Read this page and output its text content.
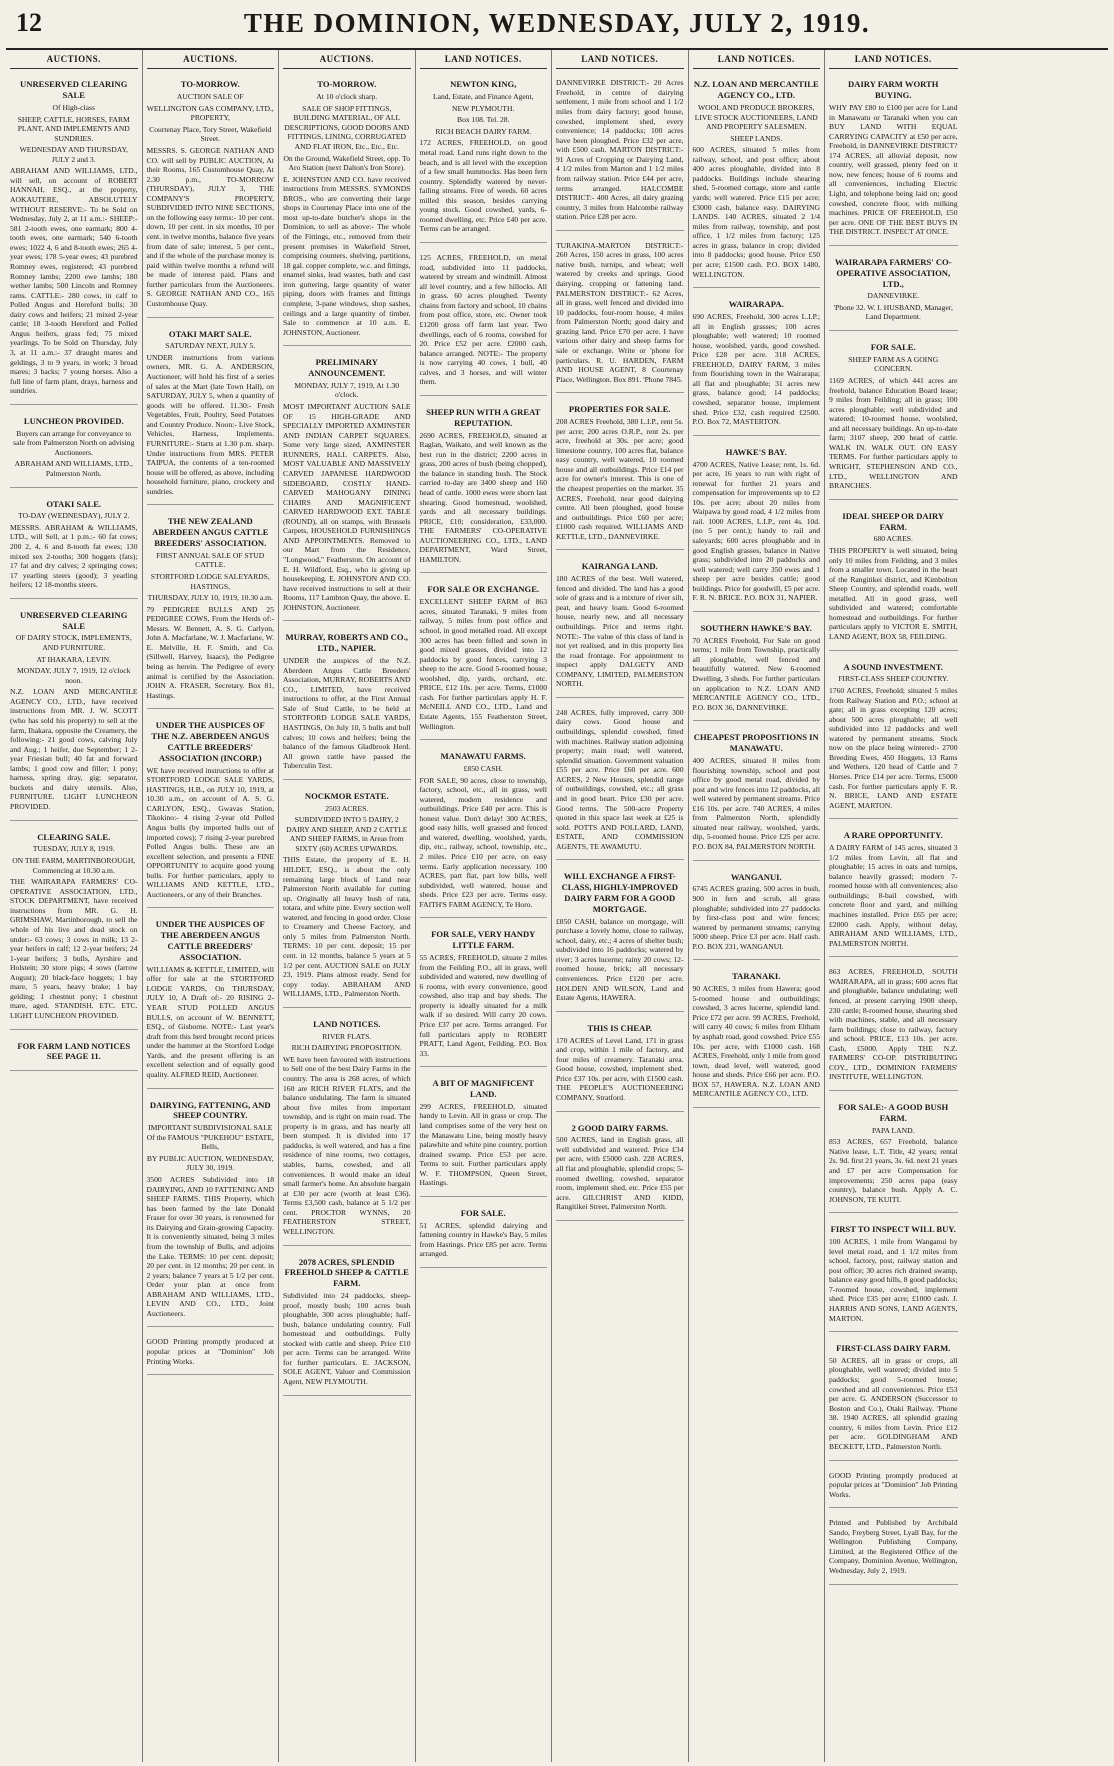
12	THE DOMINION, WEDNESDAY, JULY 2, 1919.
AUCTIONS.
UNRESERVED CLEARING SALE
Of High-class
SHEEP, CATTLE, HORSES, FARM PLANT, AND IMPLEMENTS AND SUNDRIES.
WEDNESDAY AND THURSDAY, JULY 2 and 3.

ABRAHAM AND WILLIAMS, LTD., will sell, on account of ROBERT HANNAH, ESQ., at the property, AOKAUTERE, ABSOLUTELY WITHOUT RESERVE:- To be Sold on Wednesday, July 2, at 11 a.m.:- SHEEP:- 581 2-tooth ewes, one earmark; 800 4-tooth ewes, one earmark; 540 6-tooth ewes; 1022 4, 6 and 8-tooth ewes; 265 4-year ewes; 178 5-year ewes; 43 purebred Romney ewes, registered; 43 purebred Romney lambs; 2200 ewe lambs; 180 wether lambs; 500 Lincoln and Romney rams. CATTLE:- 280 cows, in calf to Polled Angus and Hereford bulls; 30 dairy cows and heifers; 21 mixed 2-year cattle; 18 3-tooth Hereford and Polled Angus heifers, grass fed; 75 mixed yearlings. To be Sold on Thursday, July 3, at 11 a.m.:- 37 draught mares and geldings, 3 to 9 years, in work; 3 broad mares; 3 backs; 7 young horses. Also a full line of farm plant, drays, harness and sundries.

LUNCHEON PROVIDED.
Buyers can arrange for conveyance to sale from Palmerston North on advising Auctioneers.
ABRAHAM AND WILLIAMS, LTD., Palmerston North.
OTAKI SALE.
TO-DAY (WEDNESDAY), JULY 2.

MESSRS. ABRAHAM & WILLIAMS, LTD., will Sell, at 1 p.m.:- 60 fat cows; 200 2, 4, 6 and 8-tooth fat ewes; 130 mixed sex 2-tooths; 300 hoggets (fats); 17 fat and dry calves; 2 springing cows; 17 yearling steers (good); 3 yearling heifers; 12 18-months steers.

UNRESERVED CLEARING SALE
OF DAIRY STOCK, IMPLEMENTS, AND FURNITURE.
AT IHAKARA, LEVIN.
MONDAY, JULY 7, 1919, 12 o'clock noon.

N.Z. LOAN AND MERCANTILE AGENCY CO., LTD., have received instructions from MR. J. W. SCOTT (who has sold his property) to sell at the farm, Ihakara, opposite the Creamery, the following:- 21 good cows, calving July and Aug.; 1 heifer, due September; 1 2-year Friesian bull; 40 fat and forward lambs; 1 good cow and filler; 1 pony; harness, spring dray, gig; separator, buckets and dairy utensils. Also, FURNITURE. LIGHT LUNCHEON PROVIDED.

CLEARING SALE.
TUESDAY, JULY 8, 1919.
ON THE FARM, MARTINBOROUGH, Commencing at 10.30 a.m.

THE WAIRARAPA FARMERS' CO-OPERATIVE ASSOCIATION, LTD., STOCK DEPARTMENT, have received instructions from MR. G. H. GRIMSHAW, Martinborough, to sell the whole of his live and dead stock on under:- 63 cows; 3 cows in milk; 13 2-year heifers in calf; 12 2-year heifers; 24 1-year heifers; 3 bulls, Ayrshire and Holstein; 30 store pigs; 4 sows (farrow August); 20 black-face hoggets; 1 bay mare, 5 years, heavy brake; 1 bay gelding; 1 chestnut pony; 1 chestnut mare, aged. STANDISH. ETC. ETC. LIGHT LUNCHEON PROVIDED.

FOR FARM LAND NOTICES SEE PAGE 11.
AUCTIONS.
TO-MORROW.
AUCTION SALE OF
WELLINGTON GAS COMPANY, LTD., PROPERTY,
Courtenay Place, Tory Street, Wakefield Street.

MESSRS. S. GEORGE NATHAN AND CO. will sell by PUBLIC AUCTION, At their Rooms, 165 Customhouse Quay, At 2.30 p.m., TO-MORROW (THURSDAY), JULY 3, THE COMPANY'S PROPERTY, SUBDIVIDED INTO NINE SECTIONS, on the following easy terms:- 10 per cent. down, 10 per cent. in six months, 10 per cent. in twelve months, balance five years from date of sale; interest, 5 per cent., and if the whole of the purchase money is paid within twelve months a refund will be made of interest paid. Plans and further particulars from the Auctioneers. S. GEORGE NATHAN AND CO., 165 Customhouse Quay.

OTAKI MART SALE.
SATURDAY NEXT, JULY 5.

UNDER instructions from various owners, MR. G. A. ANDERSON, Auctioneer, will hold his first of a series of sales at the Mart (late Town Hall), on SATURDAY, JULY 5, when a quantity of goods will be offered. 11.30:- Fresh Vegetables, Fruit, Poultry, Seed Potatoes and Country Produce. Noon:- Live Stock, Vehicles, Harness, Implements. FURNITURE:- Starts at 1.30 p.m. sharp. Under instructions from MRS. PETER TAIPUA, the contents of a ten-roomed house will be offered, as above, including household furniture, piano, crockery and sundries.

THE NEW ZEALAND ABERDEEN ANGUS CATTLE BREEDERS' ASSOCIATION.
FIRST ANNUAL SALE OF STUD CATTLE.
STORTFORD LODGE SALEYARDS, HASTINGS,
THURSDAY, JULY 10, 1919, 10.30 a.m.

79 PEDIGREE BULLS AND 25 PEDIGREE COWS, From the Herds of:- Messrs. W. Bennett, A. S. G. Carlyon, John A. Macfarlane, W. J. Macfarlane, W. E. Melville, H. F. Smith, and Co. (Sillwell, Harvey, Isaacs), the Pedigree being as herein. The Pedigree of every animal is certified by the Association. JOHN A. FRASER, Secretary. Box 81, Hastings.

UNDER THE AUSPICES OF THE N.Z. ABERDEEN ANGUS CATTLE BREEDERS' ASSOCIATION (INCORP.)

WE have received instructions to offer at STORTFORD LODGE SALE YARDS, HASTINGS, H.B., on JULY 10, 1919, at 10.30 a.m., on account of A. S. G. CARLYON, ESQ., Gwavas Station, Tikokino:- 4 rising 2-year old Polled Angus bulls (by imported bulls out of imported cows); 7 rising 2-year purebred Polled Angus bulls. These are an excellent selection, and presents a FINE OPPORTUNITY to acquire good young bulls. For further particulars, apply to WILLIAMS AND KETTLE, LTD., Auctioneers, or any of their Branches.

UNDER THE AUSPICES OF THE ABERDEEN ANGUS CATTLE BREEDERS' ASSOCIATION.

WILLIAMS & KETTLE, LIMITED, will offer for sale at the STORTFORD LODGE YARDS, On THURSDAY, JULY 10, A Draft of:- 20 RISING 2-YEAR STUD POLLED ANGUS BULLS, on account of W. BENNETT, ESQ., of Gisborne. NOTE:- Last year's draft from this herd brought record prices under the hammer at the Stortford Lodge Yards, and the present offering is an excellent selection and of equally good quality. ALFRED REID, Auctioneer.

DAIRYING, FATTENING, AND SHEEP COUNTRY.
IMPORTANT SUBDIVISIONAL SALE Of the FAMOUS "PUKEHOU" ESTATE, Bells,
BY PUBLIC AUCTION, WEDNESDAY, JULY 30, 1919.

3500 ACRES Subdivided into 18 DAIRYING, AND 10 FATTENING AND SHEEP FARMS. THIS Property, which has been farmed by the late Donald Fraser for over 30 years, is renowned for its Dairying and Grain-growing Capacity. It is conveniently situated, being 3 miles from the township of Bulls, and adjoins the Lake. TERMS: 10 per cent. deposit; 20 per cent. in 12 months; 20 per cent. in 2 years; balance 7 years at 5 1/2 per cent. Order your plan at once from ABRAHAM AND WILLIAMS, LTD., LEVIN AND CO., LTD., Joint Auctioneers.

GOOD Printing promptly produced at popular prices at "Dominion" Job Printing Works.

AUCTIONS.
TO-MORROW.
At 10 o'clock sharp.
SALE OF SHOP FITTINGS, BUILDING MATERIAL, OF ALL DESCRIPTIONS, GOOD DOORS AND FITTINGS, LINING, CORRUGATED AND FLAT IRON, Etc., Etc., Etc.
On the Ground, Wakefield Street, opp. To Aro Station (next Dalton's Iron Store).

E. JOHNSTON AND CO. have received instructions from MESSRS. SYMONDS BROS., who are converting their large shops in Courtenay Place into one of the most up-to-date butcher's shops in the Dominion, to sell as above:- The whole of the Fittings, etc., removed from their present premises in Wakefield Street, comprising counters, shelving, partitions, 18 gal. copper complete, w.c. and fittings, enamel sinks, lead wastes, bath and cast iron guttering, large quantity of water piping, doors with frames and fittings complete, 3-pane windows, shop sashes, ceilings and a large quantity of timber. Sale to commence at 10 a.m. E. JOHNSTON, Auctioneer.

PRELIMINARY ANNOUNCEMENT.
MONDAY, JULY 7, 1919, At 1.30 o'clock.

MOST IMPORTANT AUCTION SALE OF 15 HIGH-GRADE AND SPECIALLY IMPORTED AXMINSTER AND INDIAN CARPET SQUARES. Some very large sized, AXMINSTER RUNNERS, HALL CARPETS. Also, MOST VALUABLE AND MASSIVELY CARVED JAPANESE HARDWOOD SIDEBOARD, COSTLY HAND-CARVED MAHOGANY DINING CHAIRS AND MAGNIFICENT CARVED HARDWOOD EXT. TABLE (ROUND), all on stamps, with Brussels Carpets, HOUSEHOLD FURNISHINGS AND APPOINTMENTS. Removed to our Mart from the Residence, "Longwood," Featherston. On account of E. H. Wildford, Esq., who is giving up housekeeping. E. JOHNSTON AND CO. have received instructions to sell at their Rooms, 117 Lambton Quay, the above. E. JOHNSTON, Auctioneer.

MURRAY, ROBERTS AND CO., LTD., NAPIER.

UNDER the auspices of the N.Z. Aberdeen Angus Cattle Breeders' Association, MURRAY, ROBERTS AND CO., LIMITED, have received instructions to offer, at the First Annual Sale of Stud Cattle, to be held at STORTFORD LODGE SALE YARDS, HASTINGS, On July 10, 5 bulls and bull calves; 10 cows and heifers; being the balance of the famous Gladbrook Herd. All grown cattle have passed the Tuberculin Test.

NOCKMOR ESTATE.
2503 ACRES.
SUBDIVIDED INTO 5 DAIRY, 2 DAIRY AND SHEEP, AND 2 CATTLE AND SHEEP FARMS, in Areas from SIXTY (60) ACRES UPWARDS.

THIS Estate, the property of E. H. HILDET, ESQ., is about the only remaining large block of Land near Palmerston North available for cutting up. Originally all heavy bush of rata, totara, and white pine. Every section well watered, and fencing in good order. Close to Creamery and Cheese Factory, and only 5 miles from Palmerston North. TERMS: 10 per cent. deposit; 15 per cent. in 12 months, balance 5 years at 5 1/2 per cent. AUCTION SALE on JULY 23, 1919. Plans almost ready. Send for copy today. ABRAHAM AND WILLIAMS, LTD., Palmerston North.

LAND NOTICES.
RIVER FLATS.
RICH DAIRYING PROPOSITION.

WE have been favoured with instructions to Sell one of the best Dairy Farms in the country. The area is 268 acres, of which 160 are RICH RIVER FLATS, and the balance undulating. The farm is situated about five miles from important township, and is right on main road. The property is in grass, and has nearly all been stumped. It is divided into 17 paddocks, is well watered, and has a fine residence of nine rooms, two cottages, stables, barns, cowshed, and all conveniences. It would make an ideal small farmer's home. An absolute bargain at £30 per acre (worth at least £36). Terms £3,500 cash, balance at 5 1/2 per cent. PROCTOR WYNNS, 20 FEATHERSTON STREET, WELLINGTON.

2078 ACRES, SPLENDID FREEHOLD SHEEP & CATTLE FARM.

Subdivided into 24 paddocks, sheep-proof, mostly bush; 100 acres bush ploughable, 300 acres ploughable; half-bush, balance undulating country. Full homestead and outbuildings. Fully stocked with cattle and sheep. Price £10 per acre. Terms can be arranged. Write for further particulars. E. JACKSON, SOLE AGENT, Valuer and Commission Agent, NEW PLYMOUTH.

LAND NOTICES.
NEWTON KING,
Land, Estate, and Finance Agent,
NEW PLYMOUTH.
Box 108. Tel. 28.
RICH BEACH DAIRY FARM.

172 ACRES, FREEHOLD, on good metal road. Land runs right down to the beach, and is all level with the exception of a few small hummocks. Has been fern country. Splendidly watered by never-failing streams. Free of weeds. 60 acres milled this season, besides carrying young stock. Good cowshed, yards, 6-roomed dwelling, etc. Price £40 per acre. Terms can be arranged.

125 ACRES, FREEHOLD, on metal road, subdivided into 11 paddocks, watered by stream and windmill. Almost all level country, and a few hillocks. All in grass. 60 acres ploughed. Twenty chains from factory and school, 10 chains from post office, store, etc. Owner took £1200 gross off farm last year. Two dwellings, each of 6 rooms, cowshed for 20. Price £52 per acre. £2000 cash, balance arranged. NOTE:- The property is now carrying 40 cows, 1 bull, 40 calves, and 3 horses, and will winter them.

SHEEP RUN WITH A GREAT REPUTATION.

2690 ACRES, FREEHOLD, situated at Raglan, Waikato, and well known as the best run in the district; 2200 acres in grass, 200 acres of bush (being chopped), the balance in standing bush. The Stock carried to-day are 3400 sheep and 160 head of cattle. 1000 ewes were shorn last shearing. Good homestead, woolshed, yards and all necessary buildings. PRICE, £10; consideration, £33,000. THE FARMERS' CO-OPERATIVE AUCTIONEERING CO., LTD., LAND DEPARTMENT, Ward Street, HAMILTON.

FOR SALE OR EXCHANGE.

EXCELLENT SHEEP FARM of 863 acres, situated Taranaki, 9 miles from railway, 5 miles from post office and school, in good metalled road. All except 300 acres has been felled and sown in good mixed grasses, divided into 12 paddocks by good fences, carrying 3 sheep to the acre. Good 5-roomed house, woolshed, dip, yards, orchard, etc. PRICE, £12 10s. per acre. Terms, £1000 cash. For further particulars apply H. F. McNEILL AND CO., LTD., Land and Estate Agents, 155 Featherston Street, Wellington.

MANAWATU FARMS.
£850 CASH.

FOR SALE, 90 acres, close to township, factory, school, etc., all in grass, well watered, modern residence and outbuildings. Price £40 per acre. This is honest value. Don't delay! 300 ACRES, good easy hills, well grassed and fenced and watered, dwelling, woolshed, yards, dip, etc., railway, school, township, etc., 2 miles. Price £10 per acre, on easy terms. Early application necessary. 100 ACRES, part flat, part low hills, well subdivided, well watered, house and sheds. Price £23 per acre. Terms easy. FAITH'S FARM AGENCY, Te Horo.

FOR SALE, VERY HANDY LITTLE FARM.

55 ACRES, FREEHOLD, situate 2 miles from the Feilding P.O., all in grass, well subdivided and watered, new dwelling of 6 rooms, with every convenience, good cowshed, also trap and bay sheds. The property is ideally situated for a milk walk if so desired. Will carry 20 cows. Price £37 per acre. Terms arranged. For full particulars apply to ROBERT PRATT, Land Agent, Feilding. P.O. Box 33.

A BIT OF MAGNIFICENT LAND.

299 ACRES, FREEHOLD, situated handy to Levin. All in grass or crop. The land comprises some of the very best on the Manawatu Line, being mostly heavy palawhite and white pine country, portion drained swamp. Price £53 per acre. Terms to suit. Further particulars apply W. F. THOMPSON, Queen Street, Hastings.

FOR SALE.

51 ACRES, splendid dairying and fattening country in Hawke's Bay, 5 miles from Hastings. Price £85 per acre. Terms arranged.

LAND NOTICES.

DANNEVIRKE DISTRICT:- 20 Acres Freehold, in centre of dairying settlement, 1 mile from school and 1 1/2 miles from dairy factory; good house, cowshed, implement shed, every convenience; 14 paddocks; 100 acres have been ploughed. Price £32 per acre, with £500 cash. MARTON DISTRICT:- 91 Acres of Cropping or Dairying Land, 4 1/2 miles from Marton and 1 1/2 miles from railway station. Price £44 per acre, terms arranged. HALCOMBE DISTRICT:- 400 Acres, all dairy grazing country, 3 miles from Halcombe railway station. Price £28 per acre.

TURAKINA-MARTON DISTRICT:- 260 Acres, 150 acres in grass, 100 acres native bush, turnips, and wheat; well watered by creeks and springs. Good dairying, cropping or fattening land. PALMERSTON DISTRICT:- 62 Acres, all in grass, well fenced and divided into 10 paddocks, four-room house, 4 miles from Palmerston North; good dairy and grazing land. Price £70 per acre. I have various other dairy and sheep farms for sale or exchange. Write or 'phone for particulars. R. U. HARDEN, FARM AND HOUSE AGENT, 8 Courtenay Place, Wellington. Box 891. 'Phone 7845.

PROPERTIES FOR SALE.

208 ACRES Freehold, 380 L.I.P., rent 5s. per acre; 200 acres O.R.P., rent 2s. per acre, freehold at 30s. per acre; good limestone country, 100 acres flat, balance easy country, well watered, 10 roomed house and all outbuildings. Price £14 per acre for owner's interest. This is one of the cheapest properties on the market. 35 ACRES, Freehold, near good dairying centre. All been ploughed, good house and outbuildings. Price £60 per acre; £1000 cash required. WILLIAMS AND KETTLE, LTD., DANNEVIRKE.

KAIRANGA LAND.

180 ACRES of the best. Well watered, fenced and divided. The land has a good sole of grass and is a mixture of river silt, peat, and heavy loam. Good 6-roomed house, nearly new, and all necessary outbuildings. Price and terms right. NOTE:- The value of this class of land is not yet realised, and in this property lies the road frontage. For appointment to inspect apply DALGETY AND COMPANY, LIMITED, PALMERSTON NORTH.

248 ACRES, fully improved, carry 300 dairy cows. Good house and outbuildings, splendid cowshed, fitted with machines. Railway station adjoining property; main road; well watered, splendid situation. Government valuation £55 per acre. Price £60 per acre. 600 ACRES, 2 New Houses, splendid range of outbuildings, cowshed, etc.; all grass and in good heart. Price £30 per acre. Good terms. The 500-acre Property quoted in this space last week at £25 is sold. POTTS AND POLLARD, LAND, ESTATE, AND COMMISSION AGENTS, TE AWAMUTU.

WILL EXCHANGE A FIRST-CLASS, HIGHLY-IMPROVED DAIRY FARM FOR A GOOD MORTGAGE.

£850 CASH, balance on mortgage, will purchase a lovely home, close to railway, school, dairy, etc.; 4 acres of shelter bush; subdivided into 16 paddocks; watered by river; 3 acres lucerne; rainy 20 cows; 12-roomed house, brick; all necessary conveniences. Price £120 per acre. HOLDEN AND WILSON, Land and Estate Agents, HAWERA.

THIS IS CHEAP.

170 ACRES of Level Land, 171 in grass and crop, within 1 mile of factory, and four miles of creamery. Taranaki area. Good house, cowshed, implement shed. Price £37 10s. per acre, with £1500 cash. THE PEOPLE'S AUCTIONEERING COMPANY, Stratford.

2 GOOD DAIRY FARMS.

500 ACRES, land in English grass, all well subdivided and watered. Price £34 per acre, with £5000 cash. 228 ACRES, all flat and ploughable, splendid crops; 5-roomed dwelling, cowshed, separator room, implement shed, etc. Price £55 per acre. GILCHRIST AND KIDD, Rangitikei Street, Palmerston North.

LAND NOTICES.
N.Z. LOAN AND MERCANTILE AGENCY CO., LTD.
WOOL AND PRODUCE BROKERS, LIVE STOCK AUCTIONEERS, LAND AND PROPERTY SALESMEN.
SHEEP LANDS.

600 ACRES, situated 5 miles from railway, school, and post office; about 400 acres ploughable, divided into 8 paddocks. Buildings include shearing shed, 5-roomed cottage, store and cattle yards; well watered. Price £15 per acre; £3000 cash, balance easy. DAIRYING LANDS. 140 ACRES, situated 2 1/4 miles from railway, township, and post office, 1 1/2 miles from factory; 125 acres in grass, balance in crop; divided into 8 paddocks; good house. Price £50 per acre; £1500 cash. P.O. BOX 1480, WELLINGTON.

WAIRARAPA.

690 ACRES, Freehold, 300 acres L.I.P.; all in English grasses; 100 acres ploughable; well watered; 10 roomed house, woolshed, yards, good cowshed. Price £28 per acre. 318 ACRES, FREEHOLD, DAIRY FARM, 3 miles from flourishing town in the Wairarapa; all flat and ploughable; 31 acres new grass, balance good; 14 paddocks; cowshed, separator house, implement shed. Price £32, cash required £2500. P.O. Box 72, MASTERTON.

HAWKE'S BAY.

4700 ACRES, Native Lease; rent, 1s. 6d. per acre, 16 years to run with right of renewal for further 21 years and compensation for improvements up to £2 10s. per acre; about 20 miles from Waipawa by good road, 4 1/2 miles from rail. 1000 ACRES, L.I.P., rent 4s. 10d. (no 5 per cent.); handy to rail and saleyards; 600 acres ploughable and in good English grasses, balance in Native grass; subdivided into 20 paddocks and well watered; well carry 350 ewes and 1 sheep per acre besides cattle; good buildings. Price for goodwill, £5 per acre. F. R. N. BRICE. P.O. BOX 31, NAPIER.

SOUTHERN HAWKE'S BAY.

70 ACRES Freehold, For Sale on good terms; 1 mile from Township, practically all ploughable, well fenced and beautifully watered. New 6-roomed Dwelling, 3 sheds. For further particulars on application to N.Z. LOAN AND MERCANTILE AGENCY CO., LTD., P.O. BOX 36, DANNEVIRKE.

CHEAPEST PROPOSITIONS IN MANAWATU.

400 ACRES, situated 8 miles from flourishing township, school and post office by good metal road, divided by post and wire fences into 12 paddocks, all well watered by permanent streams. Price £16 10s. per acre. 740 ACRES, 4 miles from Palmerston North, splendidly situated near railway, woolshed, yards, dip, 5-roomed house. Price £25 per acre. P.O. BOX 84, PALMERSTON NORTH.

WANGANUI.

6745 ACRES grazing, 500 acres in bush, 900 in fern and scrub, all grass ploughable; subdivided into 27 paddocks by first-class post and wire fences; watered by permanent streams; carrying 5000 sheep. Price £3 per acre. Half cash. P.O. BOX 231, WANGANUI.

TARANAKI.

90 ACRES, 3 miles from Hawera; good 5-roomed house and outbuildings; cowshed, 3 acres lucerne, splendid land. Price £72 per acre. 99 ACRES, Freehold, will carry 40 cows; 6 miles from Eltham by asphalt road, good cowshed. Price £55 10s. per acre, with £1000 cash. 168 ACRES, Freehold, only 1 mile from good town, dead level, well watered, good house and sheds. Price £66 per acre. P.O. BOX 57, HAWERA. N.Z. LOAN AND MERCANTILE AGENCY CO., LTD.

LAND NOTICES.
DAIRY FARM WORTH BUYING.

WHY PAY £80 to £100 per acre for Land in Manawatu or Taranaki when you can BUY LAND WITH EQUAL CARRYING CAPACITY at £50 per acre, Freehold, in DANNEVIRKE DISTRICT? 174 ACRES, all alluvial deposit, now country, well grassed, plenty feed on it now, new fences; house of 6 rooms and all conveniences, including Electric Light, and telephone being laid on; good cowshed, concrete floor, with milking machines. PRICE OF FREEHOLD, £50 per acre. ONE OF THE BEST BUYS IN THE DISTRICT. INSPECT AT ONCE.

WAIRARAPA FARMERS' CO-OPERATIVE ASSOCIATION, LTD.,
DANNEVIRKE.
'Phone 32. W. I. HUSBAND, Manager, Land Department.
FOR SALE.
SHEEP FARM AS A GOING CONCERN.

1169 ACRES, of which 441 acres are freehold, balance Education Board lease; 9 miles from Feilding; all in grass; 100 acres ploughable; well subdivided and watered; 10-roomed house, woolshed, and all necessary buildings. An up-to-date farm; 3107 sheep, 200 head of cattle. WALK IN. WALK OUT. ON EASY TERMS. For further particulars apply to WRIGHT, STEPHENSON AND CO., LTD., WELLINGTON AND BRANCHES.

IDEAL SHEEP OR DAIRY FARM.
680 ACRES.

THIS PROPERTY is well situated, being only 10 miles from Feilding, and 3 miles from a smaller town. Located in the heart of the Rangitikei district, and Kimbolton Sheep Country, and splendid roads, well metalled. All in good grass, well subdivided and watered; comfortable homestead and outbuildings. For further particulars apply to VICTOR E. SMITH, LAND AGENT, BOX 58, FEILDING.

A SOUND INVESTMENT.
FIRST-CLASS SHEEP COUNTRY.

1760 ACRES, Freehold; situated 5 miles from Railway Station and P.O.; school at gate; all in grass excepting 120 acres; about 500 acres ploughable; all well subdivided into 12 paddocks and well watered by permanent streams. Stock now on the place being wintered:- 2700 Breeding Ewes, 450 Hoggets, 13 Rams and Wethers, 120 head of Cattle and 7 Horses. Price £14 per acre. Terms, £5000 cash. For further particulars apply F. R. N. BRICE, LAND AND ESTATE AGENT, MARTON.

A RARE OPPORTUNITY.

A DAIRY FARM of 145 acres, situated 3 1/2 miles from Levin, all flat and ploughable; 15 acres in oats and turnips, balance heavily grassed; modern 7-roomed house with all conveniences; also outbuildings; 8-bail cowshed, with concrete floor and yard, and milking machines installed. Price £65 per acre; £2000 cash. Apply, without delay, ABRAHAM AND WILLIAMS, LTD., PALMERSTON NORTH.

863 ACRES, FREEHOLD, SOUTH WAIRARAPA, all in grass; 600 acres flat and ploughable, balance undulating; well fenced, at present carrying 1900 sheep, 230 cattle; 8-roomed house, shearing shed with machines, stable, and all necessary farm buildings; close to railway, factory and school. PRICE, £13 10s. per acre. Cash, £5000. Apply THE N.Z. FARMERS' CO-OP. DISTRIBUTING COY., LTD., DOMINION FARMERS' INSTITUTE, WELLINGTON.

FOR SALE:- A GOOD BUSH FARM.
PAPA LAND.

853 ACRES, 657 Freehold, balance Native lease, L.T. Title, 42 years; rental 2s. 9d. first 21 years, 3s. 6d. next 21 years and £7 per acre Compensation for improvements; 250 acres papa (easy country), balance bush. Apply A. C. JOHNSON, TE KUITI.

FIRST TO INSPECT WILL BUY.

100 ACRES, 1 mile from Wanganui by level metal road, and 1 1/2 miles from school, factory, post, railway station and post office; 30 acres rich drained swamp, balance easy good hills, 8 good paddocks; 7-roomed house, cowshed, implement shed. Price £35 per acre; £1000 cash. J. HARRIS AND SONS, LAND AGENTS, MARTON.

FIRST-CLASS DAIRY FARM.

50 ACRES, all in grass or crops, all ploughable, well watered; divided into 5 paddocks; good 5-roomed house; cowshed and all conveniences. Price £53 per acre. G. ANDERSON (Successor to Boston and Co.), Otaki Railway. 'Phone 38. 1940 ACRES, all splendid grazing country, 6 miles from Levin. Price £12 per acre. GOLDINGHAM AND BECKETT, LTD., Palmerston North.

GOOD Printing promptly produced at popular prices at "Dominion" Job Printing Works.

Printed and Published by Archibald Sando, Freyberg Street, Lyall Bay, for the Wellington Publishing Company, Limited, at the Registered Office of the Company, Dominion Avenue, Wellington, Wednesday, July 2, 1919.
